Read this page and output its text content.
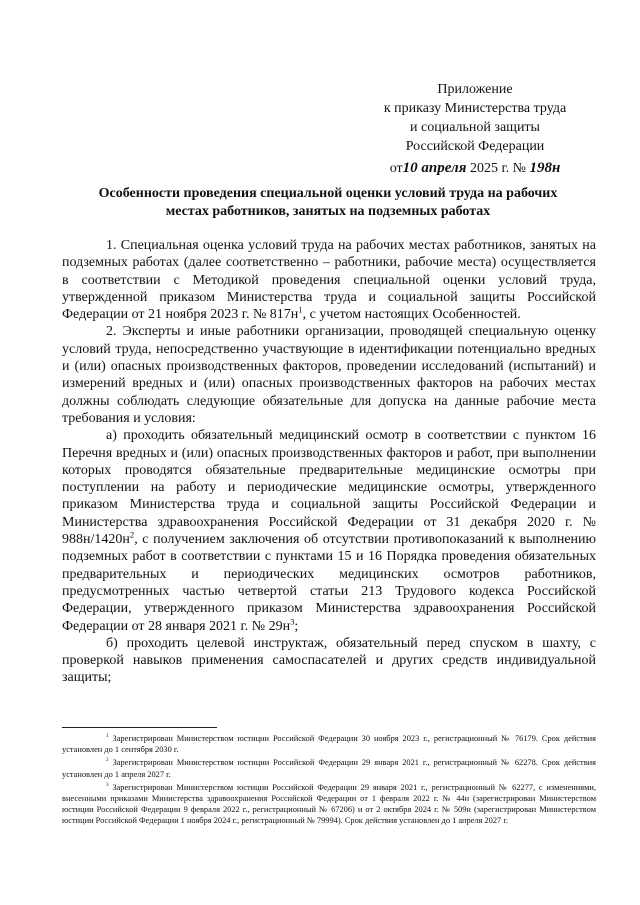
Приложение
к приказу Министерства труда
и социальной защиты
Российской Федерации
от10 апреля 2025 г. № 198н
Особенности проведения специальной оценки условий труда на рабочих
местах работников, занятых на подземных работах

1. Специальная оценка условий труда на рабочих местах работников, занятых на подземных работах (далее соответственно – работники, рабочие места) осуществляется в соответствии с Методикой проведения специальной оценки условий труда, утвержденной приказом Министерства труда и социальной защиты Российской Федерации от 21 ноября 2023 г. № $817н^1$, с учетом настоящих Особенностей.

2. Эксперты и иные работники организации, проводящей специальную оценку условий труда, непосредственно участвующие в идентификации потенциально вредных и (или) опасных производственных факторов, проведении исследований (испытаний) и измерений вредных и (или) опасных производственных факторов на рабочих местах должны соблюдать следующие обязательные для допуска на данные рабочие места требования и условия:

а) проходить обязательный медицинский осмотр в соответствии с пунктом 16 Перечня вредных и (или) опасных производственных факторов и работ, при выполнении которых проводятся обязательные предварительные медицинские осмотры при поступлении на работу и периодические медицинские осмотры, утвержденного приказом Министерства труда и социальной защиты Российской Федерации и Министерства здравоохранения Российской Федерации от 31 декабря 2020 г. № $988н/1420н^2$, с получением заключения об отсутствии противопоказаний к выполнению подземных работ в соответствии с пунктами 15 и 16 Порядка проведения обязательных предварительных и периодических медицинских осмотров работников, предусмотренных частью четвертой статьи 213 Трудового кодекса Российской Федерации, утвержденного приказом Министерства здравоохранения Российской Федерации от 28 января 2021 г. № $29н^3$;

б) проходить целевой инструктаж, обязательный перед спуском в шахту, с проверкой навыков применения самоспасателей и других средств индивидуальной защиты;

$^1$ Зарегистрирован Министерством юстиции Российской Федерации 30 ноября 2023 г., регистрационный № 76179. Срок действия установлен до 1 сентября 2030 г.

$^2$ Зарегистрирован Министерством юстиции Российской Федерации 29 января 2021 г., регистрационный № 62278. Срок действия установлен до 1 апреля 2027 г.

$^3$ Зарегистрирован Министерством юстиции Российской Федерации 29 января 2021 г., регистрационный № 62277, с изменениями, внесенными приказами Министерства здравоохранения Российской Федерации от 1 февраля 2022 г. № 44н (зарегистрирован Министерством юстиции Российской Федерации 9 февраля 2022 г., регистрационный № 67206) и от 2 октября 2024 г. № 509н (зарегистрирован Министерством юстиции Российской Федерации 1 ноября 2024 г., регистрационный № 79994). Срок действия установлен до 1 апреля 2027 г.
